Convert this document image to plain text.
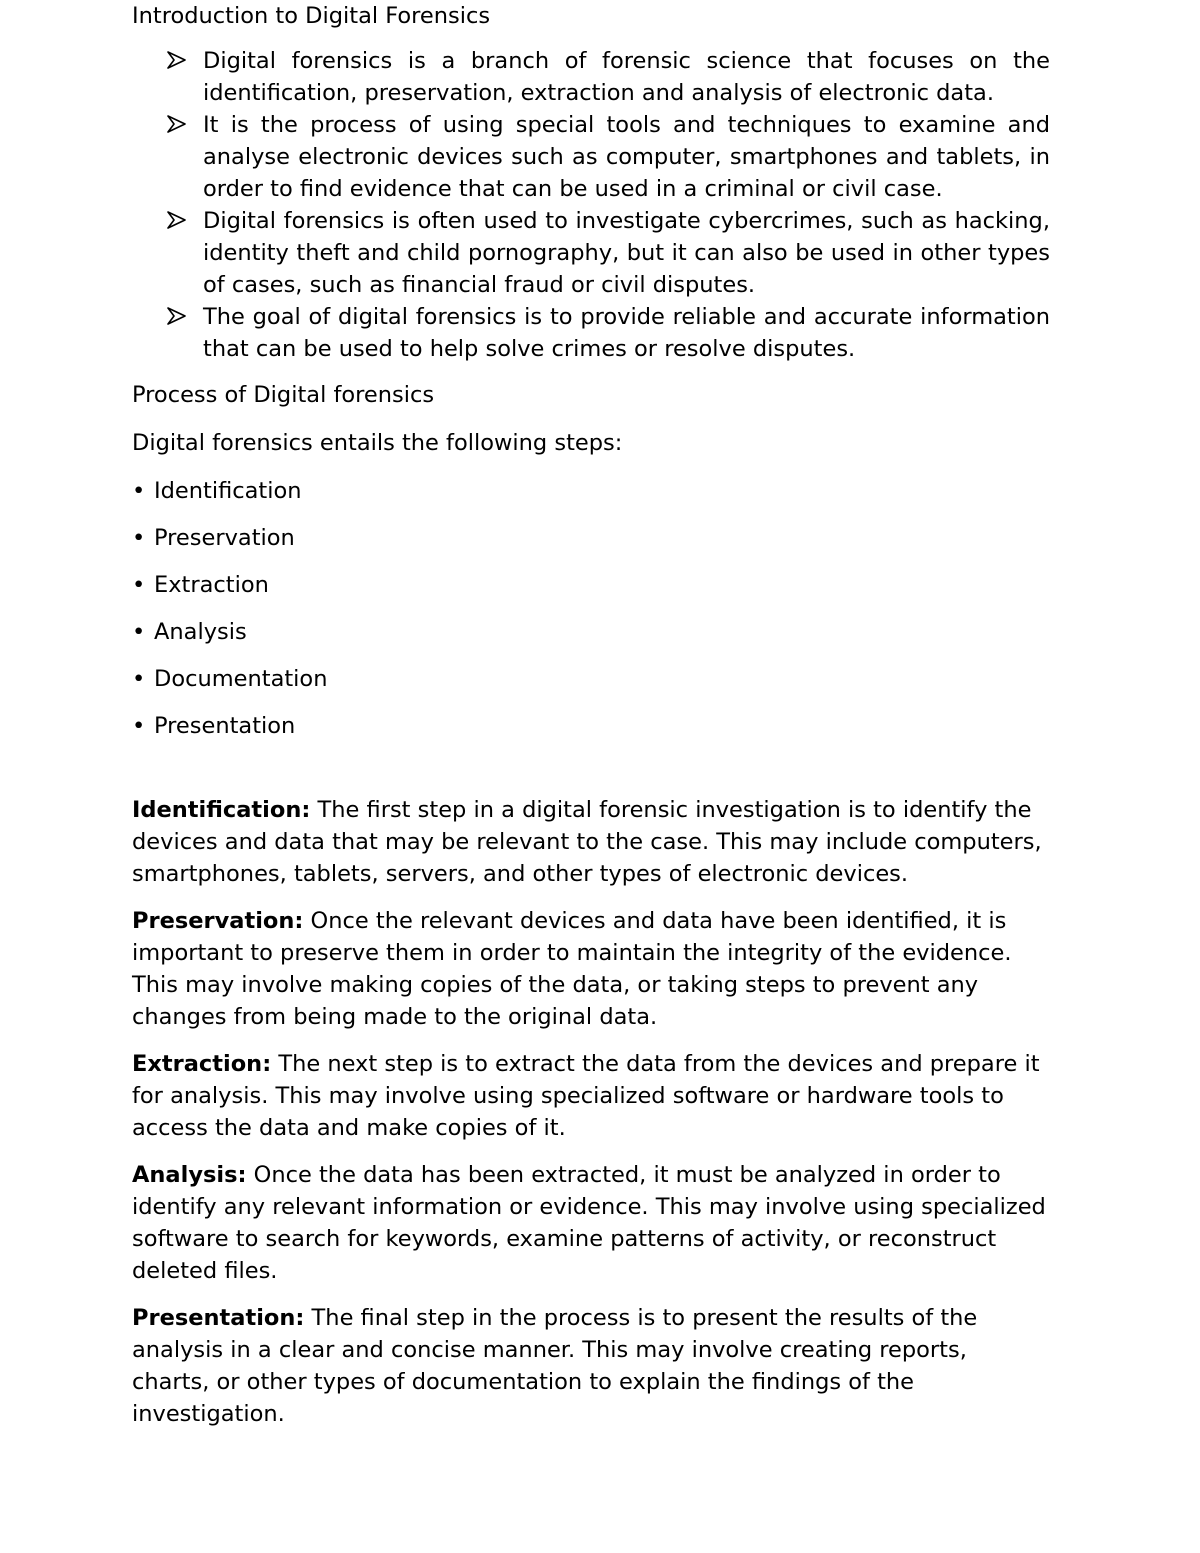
Introduction to Digital Forensics

Digital forensics is a branch of forensic science that focuses on the identification, preservation, extraction and analysis of electronic data.
It is the process of using special tools and techniques to examine and analyse electronic devices such as computer, smartphones and tablets, in order to find evidence that can be used in a criminal or civil case.
Digital forensics is often used to investigate cybercrimes, such as hacking, identity theft and child pornography, but it can also be used in other types of cases, such as financial fraud or civil disputes.
The goal of digital forensics is to provide reliable and accurate information that can be used to help solve crimes or resolve disputes.

Process of Digital forensics

Digital forensics entails the following steps:

• Identification
• Preservation
• Extraction
• Analysis
• Documentation
• Presentation

Identification: The first step in a digital forensic investigation is to identify the devices and data that may be relevant to the case. This may include computers, smartphones, tablets, servers, and other types of electronic devices.

Preservation: Once the relevant devices and data have been identified, it is important to preserve them in order to maintain the integrity of the evidence. This may involve making copies of the data, or taking steps to prevent any changes from being made to the original data.

Extraction: The next step is to extract the data from the devices and prepare it for analysis. This may involve using specialized software or hardware tools to access the data and make copies of it.

Analysis: Once the data has been extracted, it must be analyzed in order to identify any relevant information or evidence. This may involve using specialized software to search for keywords, examine patterns of activity, or reconstruct deleted files.

Presentation: The final step in the process is to present the results of the analysis in a clear and concise manner. This may involve creating reports, charts, or other types of documentation to explain the findings of the investigation.
